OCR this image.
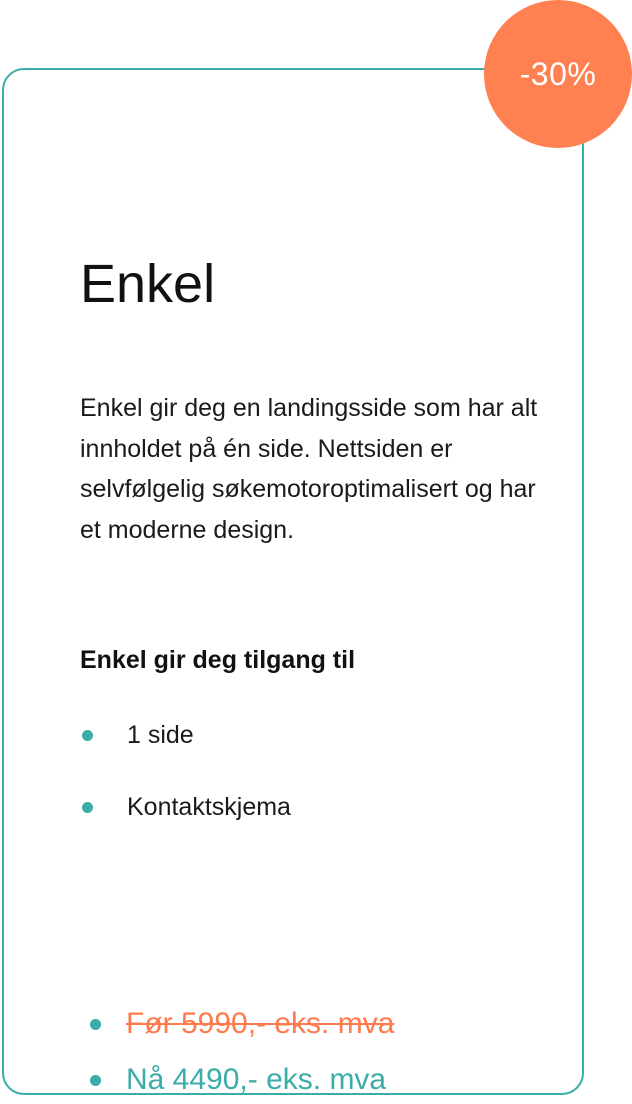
Enkel

Enkel gir deg en landingsside som har alt innholdet på én side. Nettsiden er selvfølgelig søkemotoroptimalisert og har et moderne design.

Enkel gir deg tilgang til

1 side
Kontaktskjema
Før 5990,- eks. mva
Nå 4490,- eks. mva
-30%
